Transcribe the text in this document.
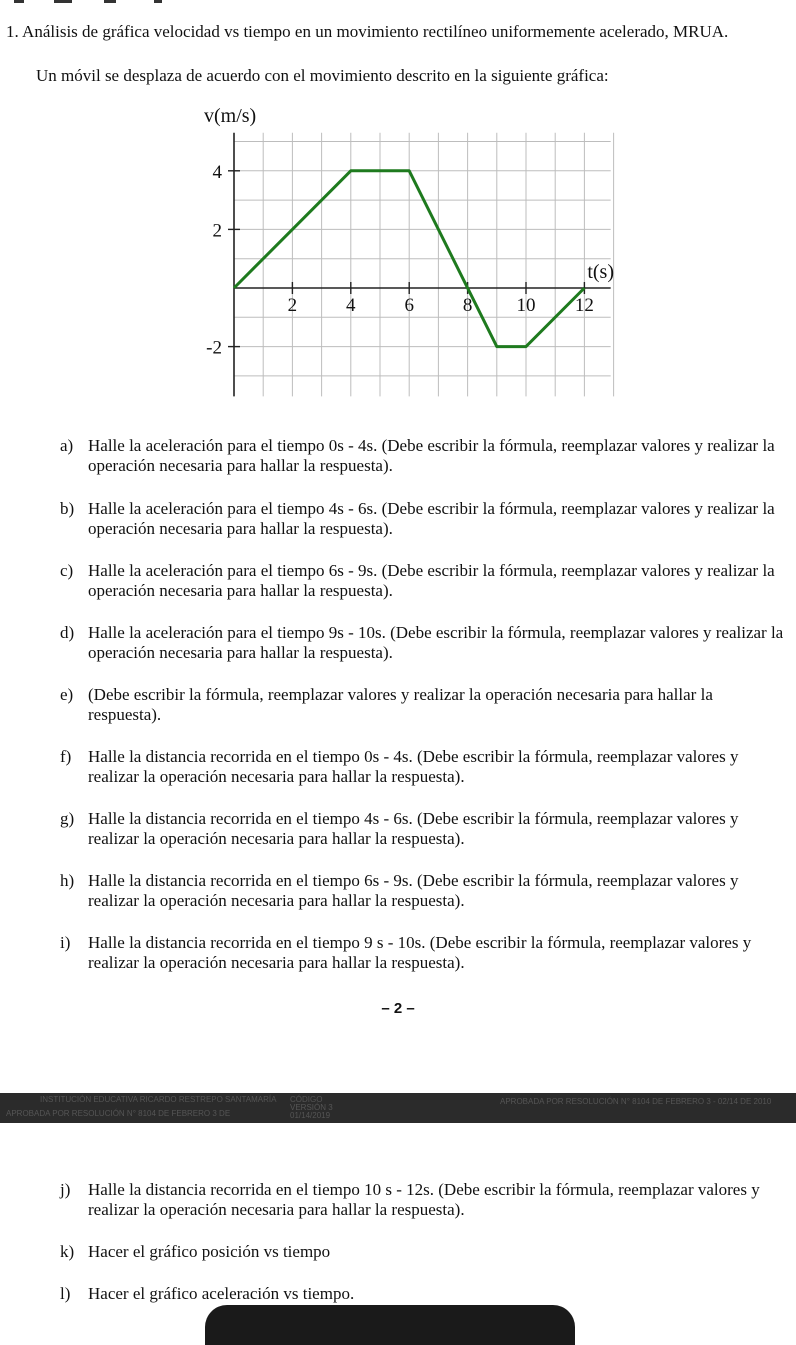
1. Análisis de gráfica velocidad vs tiempo en un movimiento rectilíneo uniformemente acelerado, MRUA.
Un móvil se desplaza de acuerdo con el movimiento descrito en la siguiente gráfica:
4
2
-2
2	4	6	8 10 12
v(m/s)
t(s)
a) Halle la aceleración para el tiempo 0s - 4s. (Debe escribir la fórmula, reemplazar valores y realizar la operación necesaria para hallar la respuesta).
b) Halle la aceleración para el tiempo 4s - 6s. (Debe escribir la fórmula, reemplazar valores y realizar la operación necesaria para hallar la respuesta).
c) Halle la aceleración para el tiempo 6s - 9s. (Debe escribir la fórmula, reemplazar valores y realizar la operación necesaria para hallar la respuesta).
d) Halle la aceleración para el tiempo 9s - 10s. (Debe escribir la fórmula, reemplazar valores y realizar la operación necesaria para hallar la respuesta).
e) (Debe escribir la fórmula, reemplazar valores y realizar la operación necesaria para hallar la respuesta).
f) Halle la distancia recorrida en el tiempo 0s - 4s. (Debe escribir la fórmula, reemplazar valores y realizar la operación necesaria para hallar la respuesta).
g) Halle la distancia recorrida en el tiempo 4s - 6s. (Debe escribir la fórmula, reemplazar valores y realizar la operación necesaria para hallar la respuesta).
h) Halle la distancia recorrida en el tiempo 6s - 9s. (Debe escribir la fórmula, reemplazar valores y realizar la operación necesaria para hallar la respuesta).
i) Halle la distancia recorrida en el tiempo 9 s - 10s. (Debe escribir la fórmula, reemplazar valores y realizar la operación necesaria para hallar la respuesta).
j) Halle la distancia recorrida en el tiempo 10 s - 12s. (Debe escribir la fórmula, reemplazar valores y realizar la operación necesaria para hallar la respuesta).
k) Hacer el gráfico posición vs tiempo
l) Hacer el gráfico aceleración vs tiempo.
– 2 –
INSTITUCIÓN EDUCATIVA RICARDO RESTREPO SANTAMARÍA
APROBADA POR RESOLUCIÓN N° 8104 DE FEBRERO 3 DE
CÓDIGO
VERSIÓN 3
01/14/2019
APROBADA POR RESOLUCIÓN N° 8104 DE FEBRERO 3 - 02/14 DE 2010
